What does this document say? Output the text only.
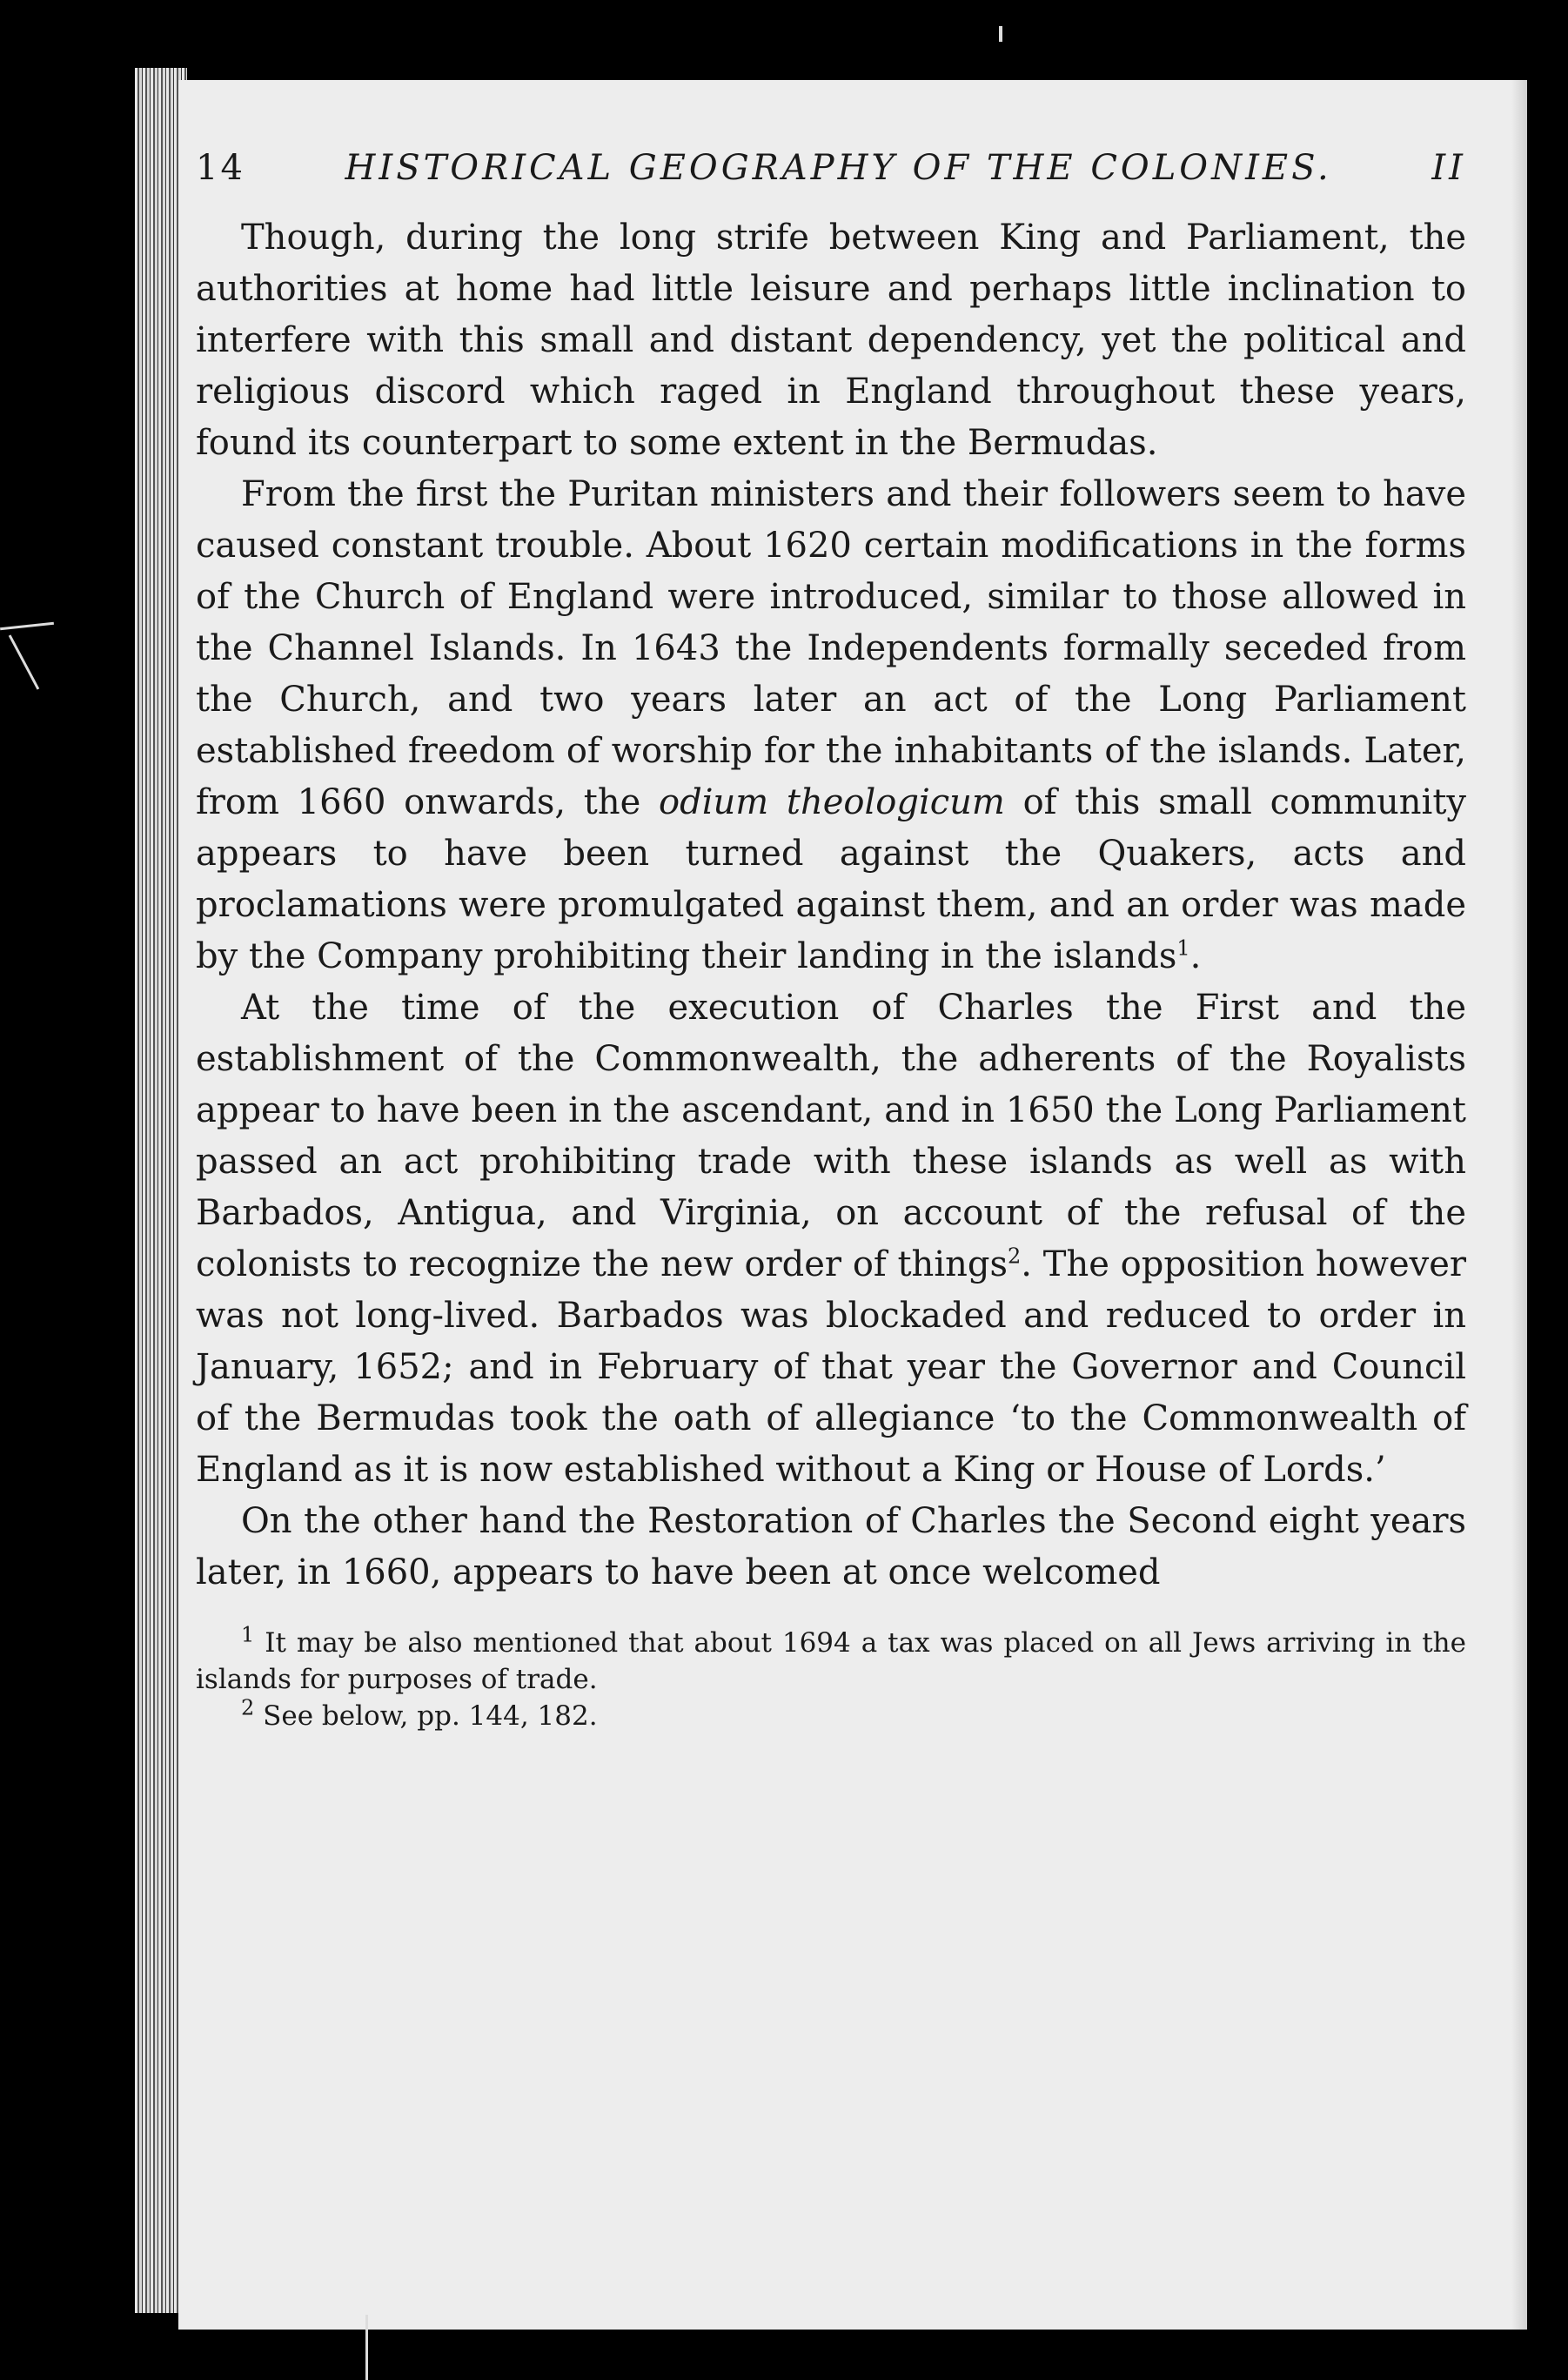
14	HISTORICAL GEOGRAPHY OF THE COLONIES.	II

Though, during the long strife between King and Parliament, the authorities at home had little leisure and perhaps little inclination to interfere with this small and distant dependency, yet the political and religious discord which raged in England throughout these years, found its counterpart to some extent in the Bermudas.

From the first the Puritan ministers and their followers seem to have caused constant trouble. About 1620 certain modifications in the forms of the Church of England were introduced, similar to those allowed in the Channel Islands. In 1643 the Independents formally seceded from the Church, and two years later an act of the Long Parliament established freedom of worship for the inhabitants of the islands. Later, from 1660 onwards, the odium theologicum of this small community appears to have been turned against the Quakers, acts and proclamations were promulgated against them, and an order was made by the Company prohibiting their landing in the islands$^1$.

At the time of the execution of Charles the First and the establishment of the Commonwealth, the adherents of the Royalists appear to have been in the ascendant, and in 1650 the Long Parliament passed an act prohibiting trade with these islands as well as with Barbados, Antigua, and Virginia, on account of the refusal of the colonists to recognize the new order of things$^2$. The opposition however was not long-lived. Barbados was blockaded and reduced to order in January, 1652; and in February of that year the Governor and Council of the Bermudas took the oath of allegiance ‘to the Commonwealth of England as it is now established without a King or House of Lords.’

On the other hand the Restoration of Charles the Second eight years later, in 1660, appears to have been at once welcomed

$^1$ It may be also mentioned that about 1694 a tax was placed on all Jews arriving in the islands for purposes of trade.

$^2$ See below, pp. 144, 182.
